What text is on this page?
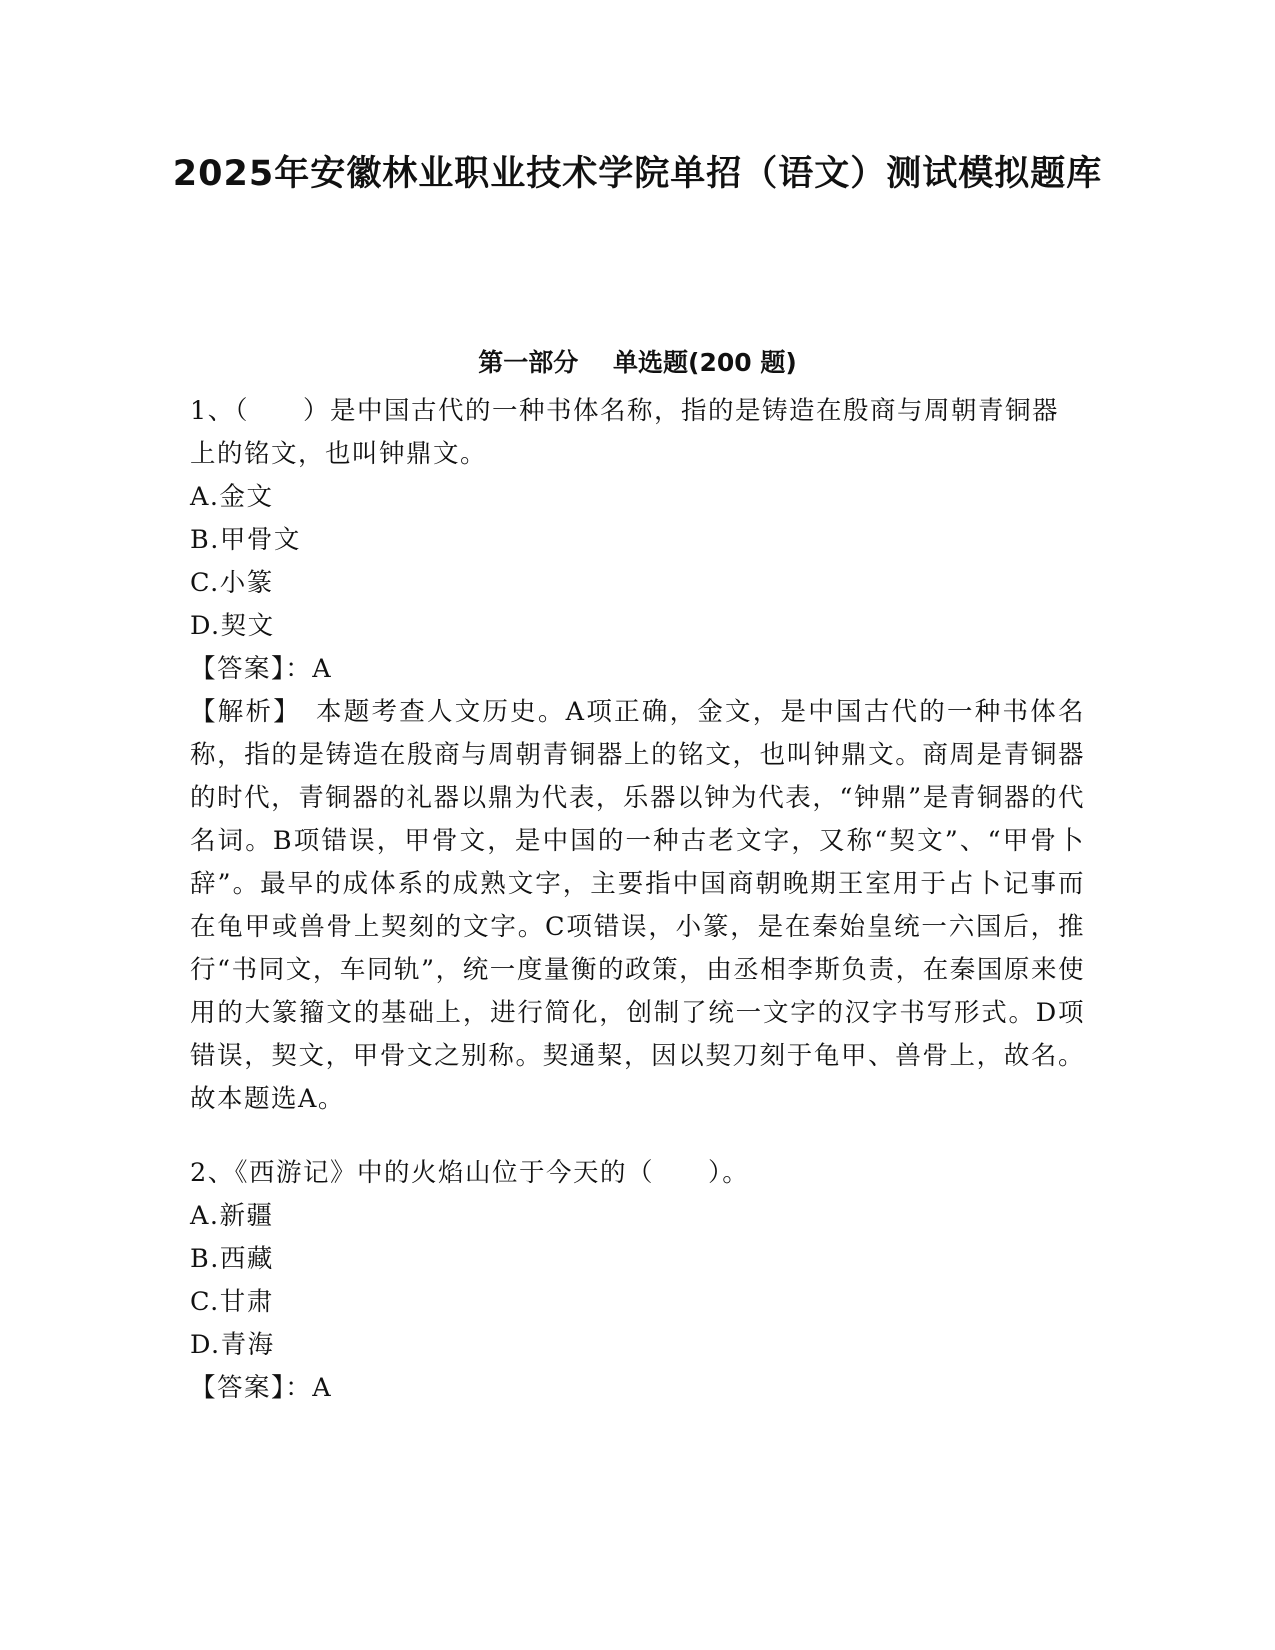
2025年安徽林业职业技术学院单招（语文）测试模拟题库
第一部分    单选题(200 题)
1、（　　）是中国古代的一种书体名称，指的是铸造在殷商与周朝青铜器上的铭文，也叫钟鼎文。
A.金文
B.甲骨文
C.小篆
D.契文
【答案】：A
【解析】　本题考查人文历史。A项正确，金文，是中国古代的一种书体名称，指的是铸造在殷商与周朝青铜器上的铭文，也叫钟鼎文。商周是青铜器的时代，青铜器的礼器以鼎为代表，乐器以钟为代表，“钟鼎”是青铜器的代名词。B项错误，甲骨文，是中国的一种古老文字，又称“契文”、“甲骨卜辞”。最早的成体系的成熟文字，主要指中国商朝晚期王室用于占卜记事而在龟甲或兽骨上契刻的文字。C项错误，小篆，是在秦始皇统一六国后，推行“书同文，车同轨”，统一度量衡的政策，由丞相李斯负责，在秦国原来使用的大篆籀文的基础上，进行简化，创制了统一文字的汉字书写形式。D项错误，契文，甲骨文之别称。契通栔，因以契刀刻于龟甲、兽骨上，故名。故本题选A。
2、《西游记》中的火焰山位于今天的（　　）。
A.新疆
B.西藏
C.甘肃
D.青海
【答案】：A
